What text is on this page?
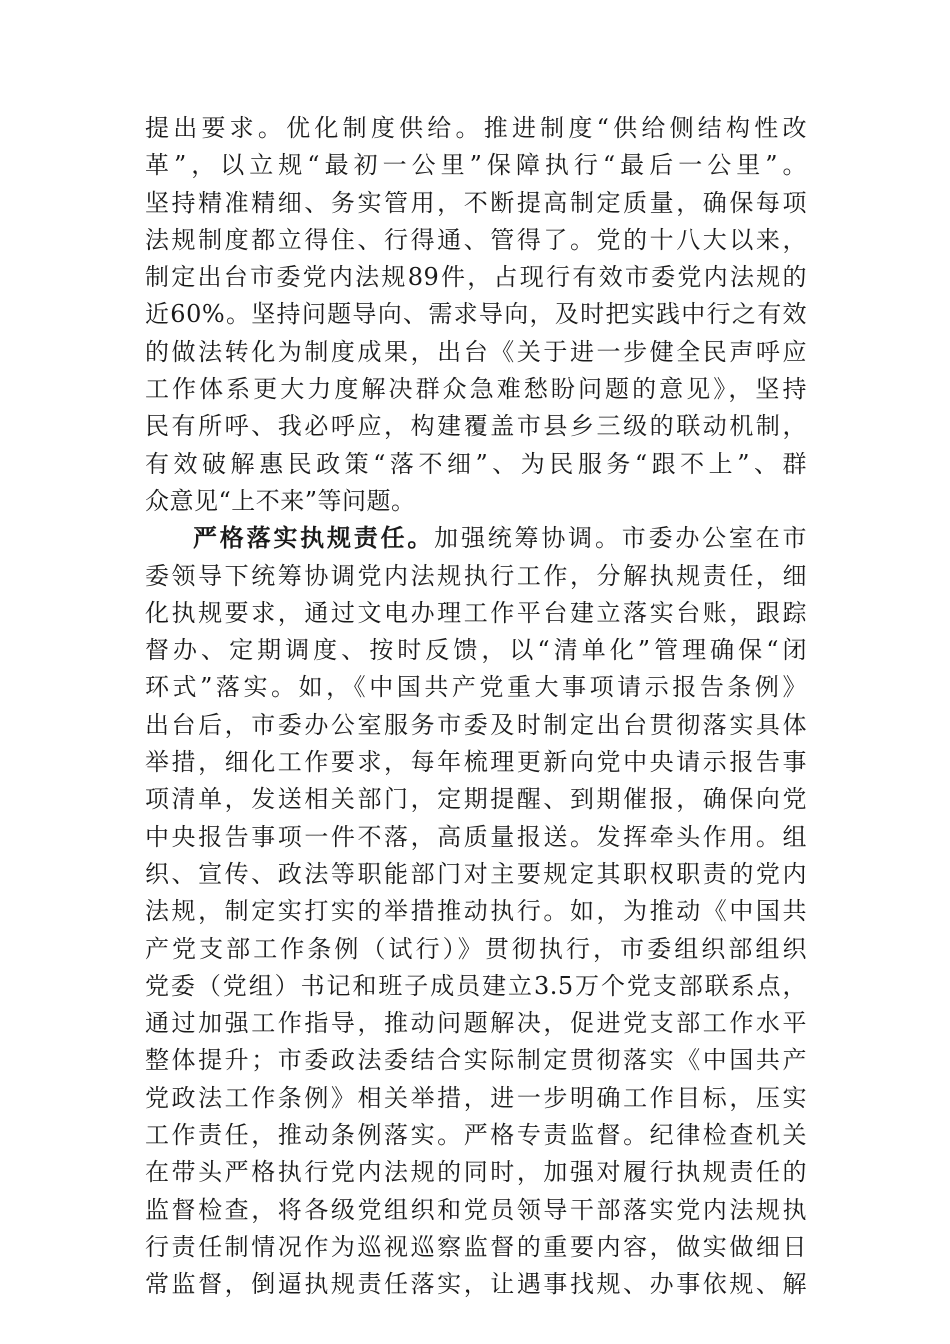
提出要求。优化制度供给。推进制度“供给侧结构性改
革”，以立规“最初一公里”保障执行“最后一公里”。
坚持精准精细、务实管用，不断提高制定质量，确保每项
法规制度都立得住、行得通、管得了。党的十八大以来，
制定出台市委党内法规89件，占现行有效市委党内法规的
近60%。坚持问题导向、需求导向，及时把实践中行之有效
的做法转化为制度成果，出台《关于进一步健全民声呼应
工作体系更大力度解决群众急难愁盼问题的意见》，坚持
民有所呼、我必呼应，构建覆盖市县乡三级的联动机制，
有效破解惠民政策“落不细”、为民服务“跟不上”、群
众意见“上不来”等问题。
严格落实执规责任。加强统筹协调。市委办公室在市
委领导下统筹协调党内法规执行工作，分解执规责任，细
化执规要求，通过文电办理工作平台建立落实台账，跟踪
督办、定期调度、按时反馈，以“清单化”管理确保“闭
环式”落实。如，《中国共产党重大事项请示报告条例》
出台后，市委办公室服务市委及时制定出台贯彻落实具体
举措，细化工作要求，每年梳理更新向党中央请示报告事
项清单，发送相关部门，定期提醒、到期催报，确保向党
中央报告事项一件不落，高质量报送。发挥牵头作用。组
织、宣传、政法等职能部门对主要规定其职权职责的党内
法规，制定实打实的举措推动执行。如，为推动《中国共
产党支部工作条例（试行）》贯彻执行，市委组织部组织
党委（党组）书记和班子成员建立3.5万个党支部联系点，
通过加强工作指导，推动问题解决，促进党支部工作水平
整体提升；市委政法委结合实际制定贯彻落实《中国共产
党政法工作条例》相关举措，进一步明确工作目标，压实
工作责任，推动条例落实。严格专责监督。纪律检查机关
在带头严格执行党内法规的同时，加强对履行执规责任的
监督检查，将各级党组织和党员领导干部落实党内法规执
行责任制情况作为巡视巡察监督的重要内容，做实做细日
常监督，倒逼执规责任落实，让遇事找规、办事依规、解
